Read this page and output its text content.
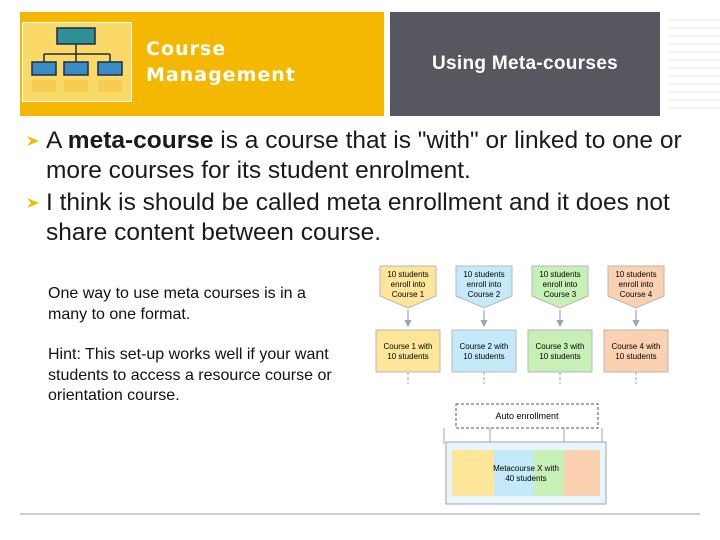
Course
Management
Using Meta-courses
A meta-course is a course that is "with" or linked to one or more courses for its student enrolment.
I think is should be called meta enrollment and it does not share content between course.

One way to use meta courses is in a many to one format.

Hint: This set-up works well if your want students to access a resource course or orientation course.

10 students
enroll into
Course 1
10 students
enroll into
Course 2
10 students
enroll into
Course 3
10 students
enroll into
Course 4
Course 1 with
10 students
Course 2 with
10 students
Course 3 with
10 students
Course 4 with
10 students
Auto enrollment
Metacourse X with
40 students
